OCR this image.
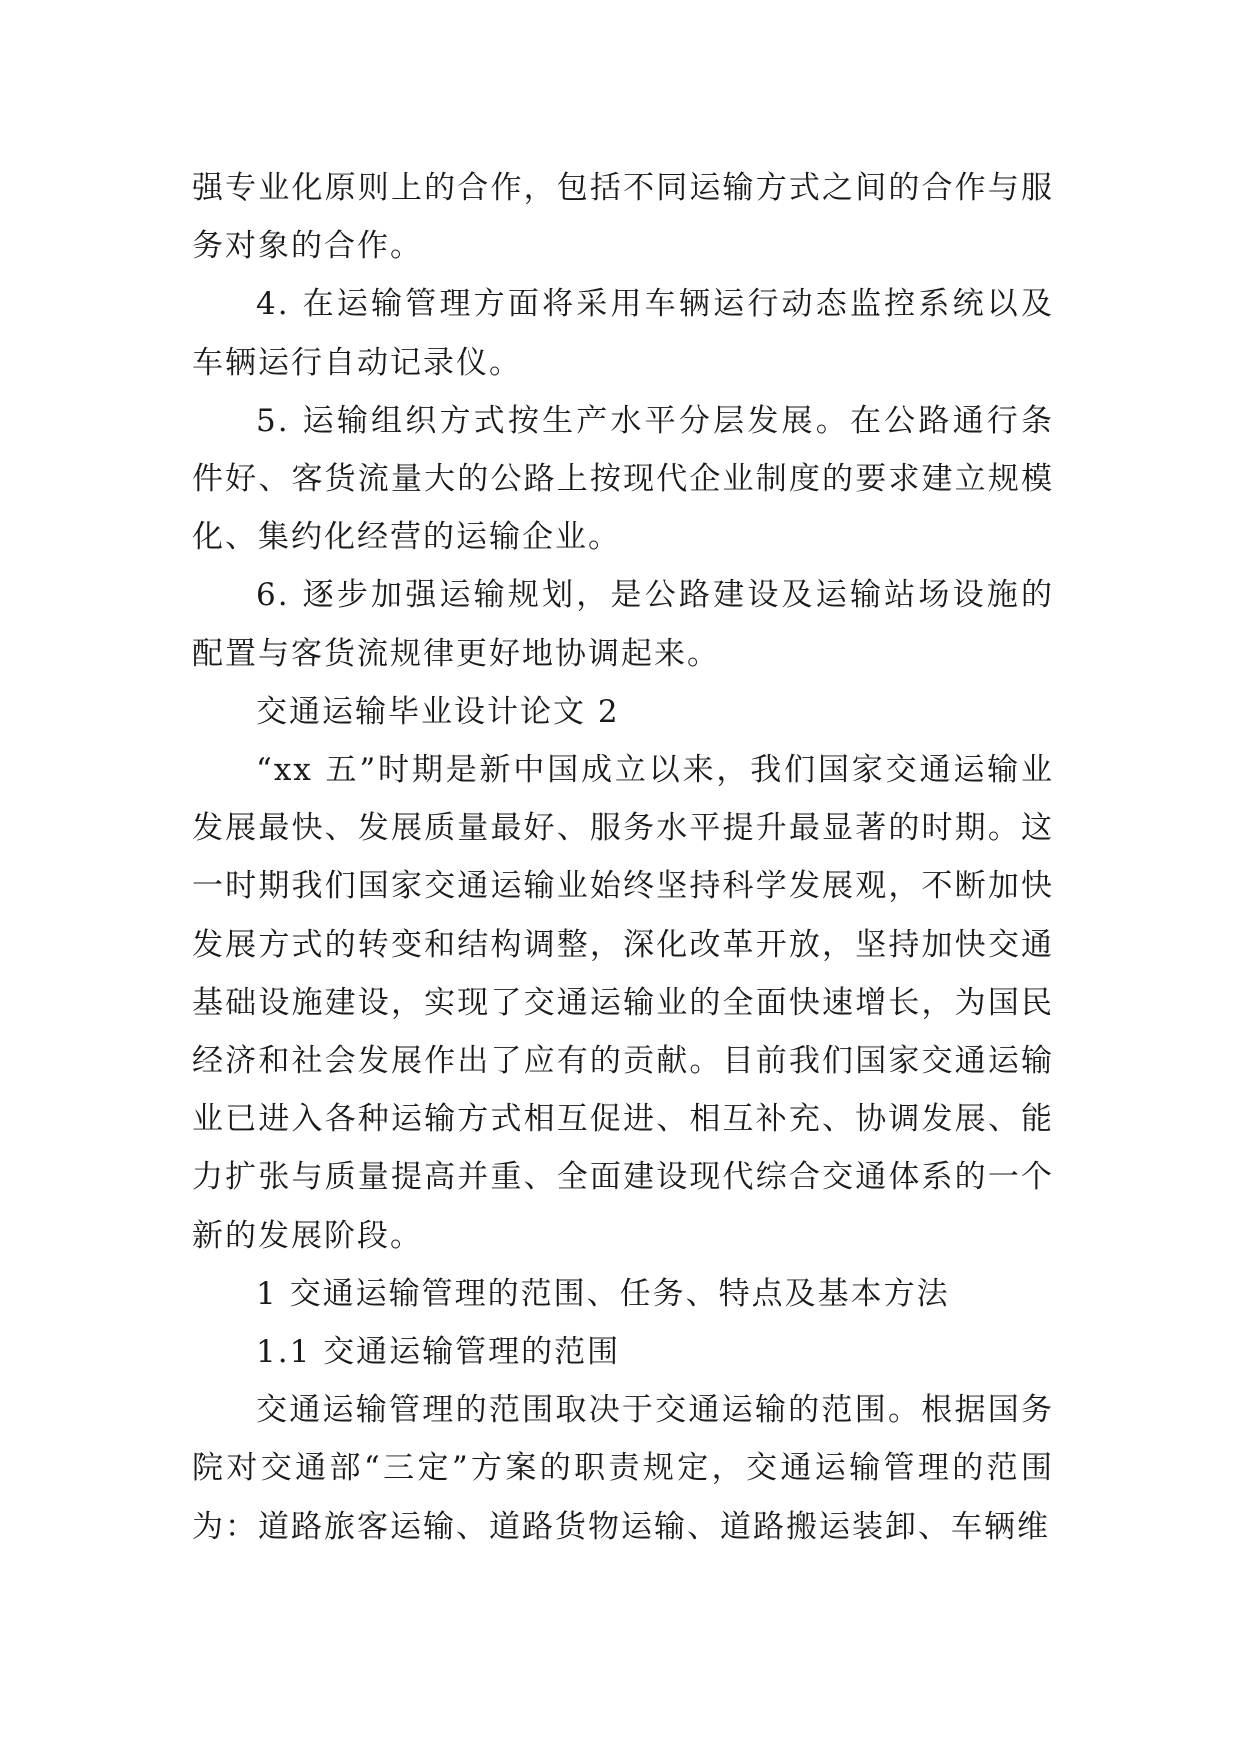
强专业化原则上的合作，包括不同运输方式之间的合作与服务对象的合作。

4. 在运输管理方面将采用车辆运行动态监控系统以及车辆运行自动记录仪。

5. 运输组织方式按生产水平分层发展。在公路通行条件好、客货流量大的公路上按现代企业制度的要求建立规模化、集约化经营的运输企业。

6. 逐步加强运输规划，是公路建设及运输站场设施的配置与客货流规律更好地协调起来。

交通运输毕业设计论文 2

“xx 五”时期是新中国成立以来，我们国家交通运输业发展最快、发展质量最好、服务水平提升最显著的时期。这一时期我们国家交通运输业始终坚持科学发展观，不断加快发展方式的转变和结构调整，深化改革开放，坚持加快交通基础设施建设，实现了交通运输业的全面快速增长，为国民经济和社会发展作出了应有的贡献。目前我们国家交通运输业已进入各种运输方式相互促进、相互补充、协调发展、能力扩张与质量提高并重、全面建设现代综合交通体系的一个新的发展阶段。

1 交通运输管理的范围、任务、特点及基本方法

1.1 交通运输管理的范围

交通运输管理的范围取决于交通运输的范围。根据国务院对交通部“三定”方案的职责规定，交通运输管理的范围为：道路旅客运输、道路货物运输、道路搬运装卸、车辆维
